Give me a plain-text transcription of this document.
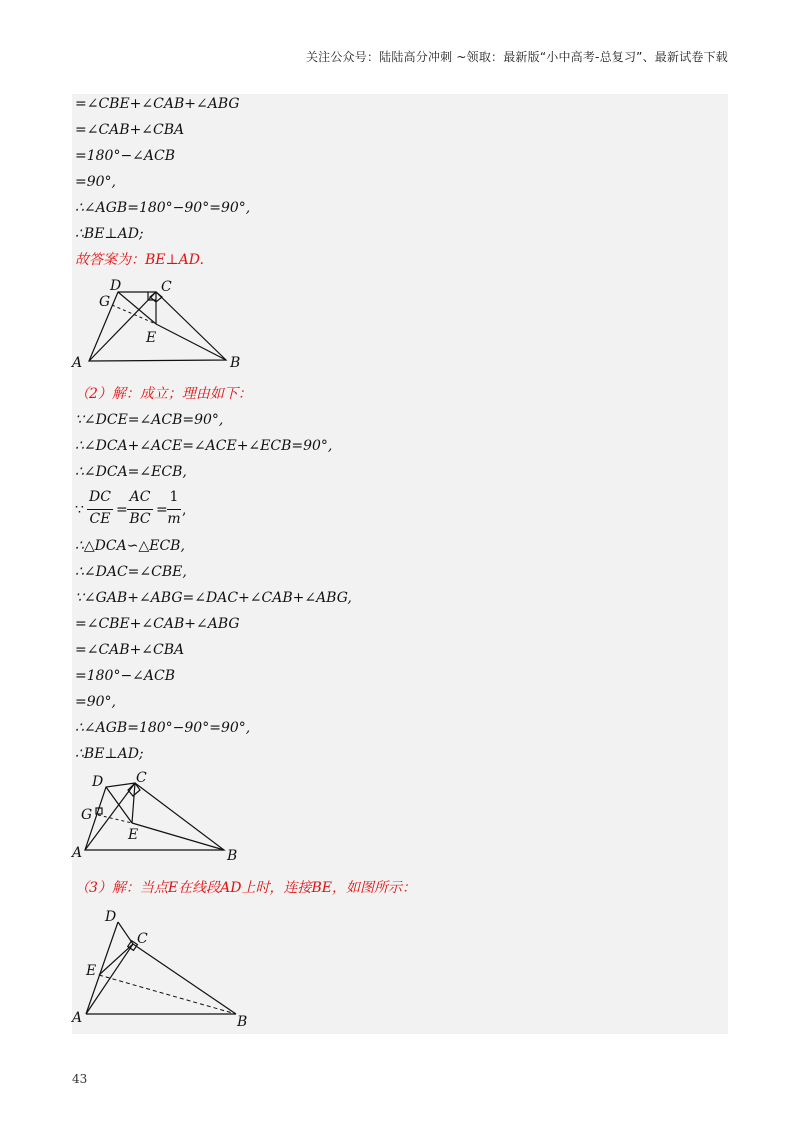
关注公众号：陆陆高分冲刺 ~领取：最新版“小中高考-总复习”、最新试卷下载
=∠CBE+∠CAB+∠ABG
=∠CAB+∠CBA
=180°−∠ACB
=90°,
∴∠AGB=180°−90°=90°,
∴BE⊥AD;
故答案为：BE⊥AD.
D	C
G
E
A	B
（2）解：成立；理由如下：
∵∠DCE=∠ACB=90°,
∴∠DCA+∠ACE=∠ACE+∠ECB=90°,
∴∠DCA=∠ECB,
∵
DC
CE
=
AC
BC
=
1
m
,
∴△DCA∽△ECB,
∴∠DAC=∠CBE,
∵∠GAB+∠ABG=∠DAC+∠CAB+∠ABG,
=∠CBE+∠CAB+∠ABG
=∠CAB+∠CBA
=180°−∠ACB
=90°,
∴∠AGB=180°−90°=90°,
∴BE⊥AD;
D C
G
E
A	B
（3）解：当点E在线段AD上时，连接BE，如图所示：
D
C
E
A	B
43
